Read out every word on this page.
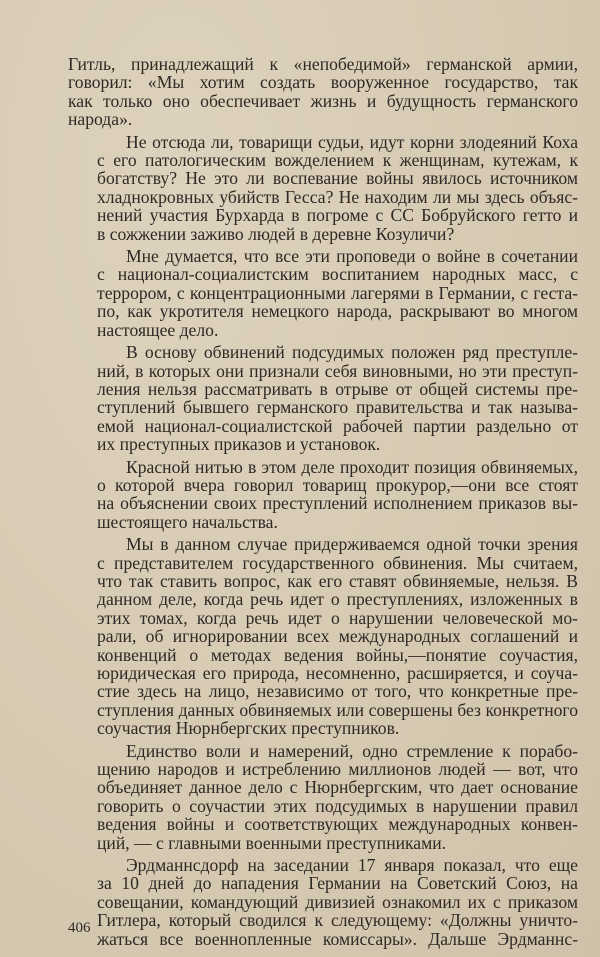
Гитль, принадлежащий к «непобедимой» германской армии,
говорил: «Мы хотим создать вооруженное государство, так
как только оно обеспечивает жизнь и будущность германского
народа».
Не отсюда ли, товарищи судьи, идут корни злодеяний Коха
с его патологическим вожделением к женщинам, кутежам, к
богатству? Не это ли воспевание войны явилось источником
хладнокровных убийств Гесса? Не находим ли мы здесь объяс-
нений участия Бурхарда в погроме с СС Бобруйского гетто и
в сожжении заживо людей в деревне Козуличи?
Мне думается, что все эти проповеди о войне в сочетании
с национал-социалистским воспитанием народных масс, с
террором, с концентрационными лагерями в Германии, с геста-
по, как укротителя немецкого народа, раскрывают во многом
настоящее дело.
В основу обвинений подсудимых положен ряд преступле-
ний, в которых они признали себя виновными, но эти преступ-
ления нельзя рассматривать в отрыве от общей системы пре-
ступлений бывшего германского правительства и так называ-
емой национал-социалистской рабочей партии раздельно от
их преступных приказов и установок.
Красной нитью в этом деле проходит позиция обвиняемых,
о которой вчера говорил товарищ прокурор,—они все стоят
на объяснении своих преступлений исполнением приказов вы-
шестоящего начальства.
Мы в данном случае придерживаемся одной точки зрения
с представителем государственного обвинения. Мы считаем,
что так ставить вопрос, как его ставят обвиняемые, нельзя. В
данном деле, когда речь идет о преступлениях, изложенных в
этих томах, когда речь идет о нарушении человеческой мо-
рали, об игнорировании всех международных соглашений и
конвенций о методах ведения войны,—понятие соучастия,
юридическая его природа, несомненно, расширяется, и соуча-
стие здесь на лицо, независимо от того, что конкретные пре-
ступления данных обвиняемых или совершены без конкретного
соучастия Нюрнбергских преступников.
Единство воли и намерений, одно стремление к порабо-
щению народов и истреблению миллионов людей — вот, что
объединяет данное дело с Нюрнбергским, что дает основание
говорить о соучастии этих подсудимых в нарушении правил
ведения войны и соответствующих международных конвен-
ций, — с главными военными преступниками.
Эрдманнсдорф на заседании 17 января показал, что еще
за 10 дней до нападения Германии на Советский Союз, на
совещании, командующий дивизией ознакомил их с приказом
Гитлера, который сводился к следующему: «Должны уничто-
жаться все военнопленные комиссары». Дальше Эрдманнс-
406
